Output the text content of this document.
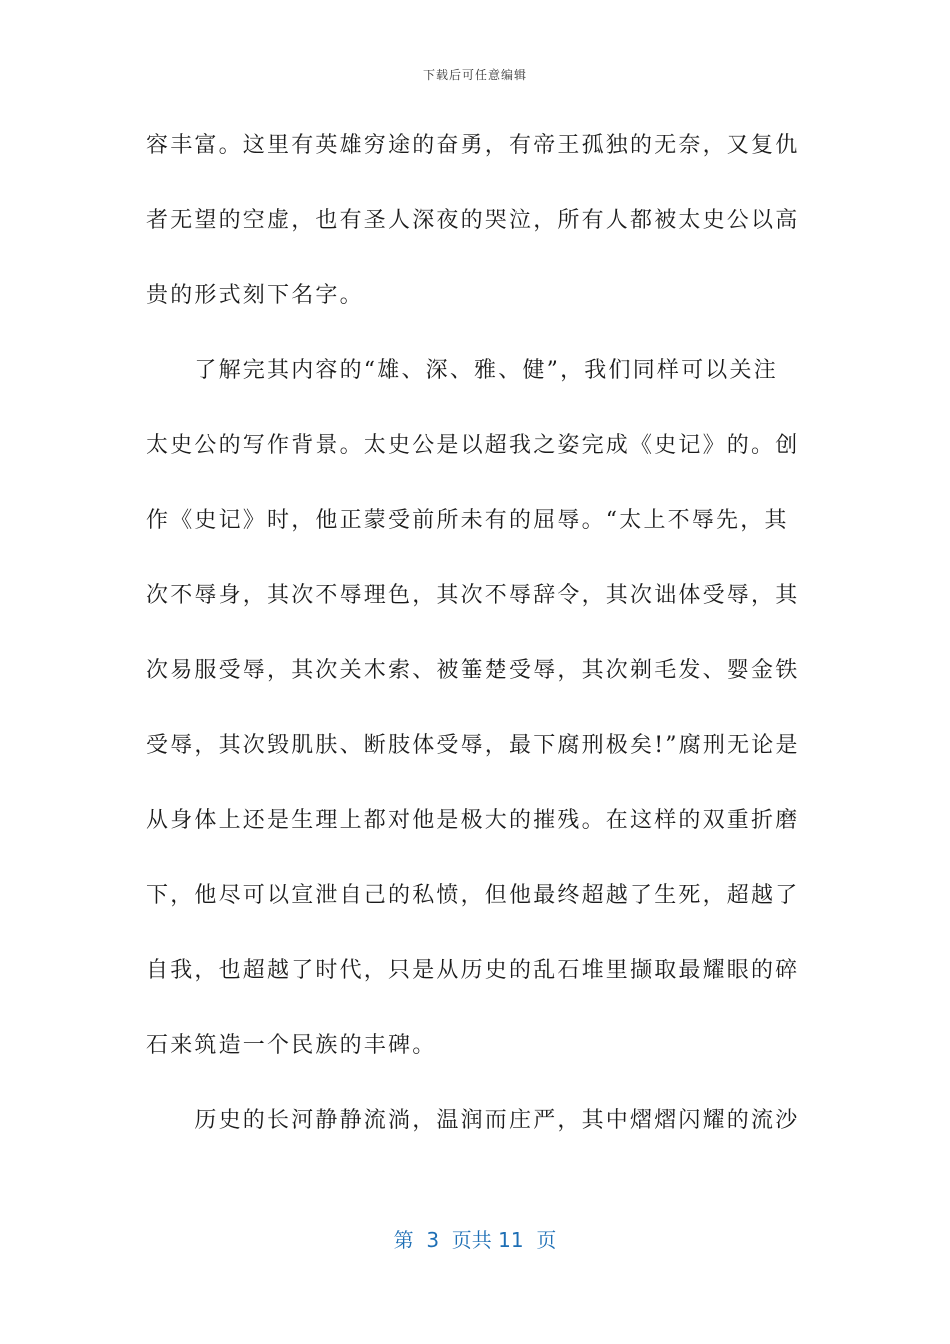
下载后可任意编辑
容丰富。这里有英雄穷途的奋勇，有帝王孤独的无奈，又复仇
者无望的空虚，也有圣人深夜的哭泣，所有人都被太史公以高
贵的形式刻下名字。
　　了解完其内容的“雄、深、雅、健”，我们同样可以关注
太史公的写作背景。太史公是以超我之姿完成《史记》的。创
作《史记》时，他正蒙受前所未有的屈辱。“太上不辱先，其
次不辱身，其次不辱理色，其次不辱辞令，其次诎体受辱，其
次易服受辱，其次关木索、被箠楚受辱，其次剃毛发、婴金铁
受辱，其次毁肌肤、断肢体受辱，最下腐刑极矣!”腐刑无论是
从身体上还是生理上都对他是极大的摧残。在这样的双重折磨
下，他尽可以宣泄自己的私愤，但他最终超越了生死，超越了
自我，也超越了时代，只是从历史的乱石堆里撷取最耀眼的碎
石来筑造一个民族的丰碑。
　　历史的长河静静流淌，温润而庄严，其中熠熠闪耀的流沙
第  3  页共 11  页
